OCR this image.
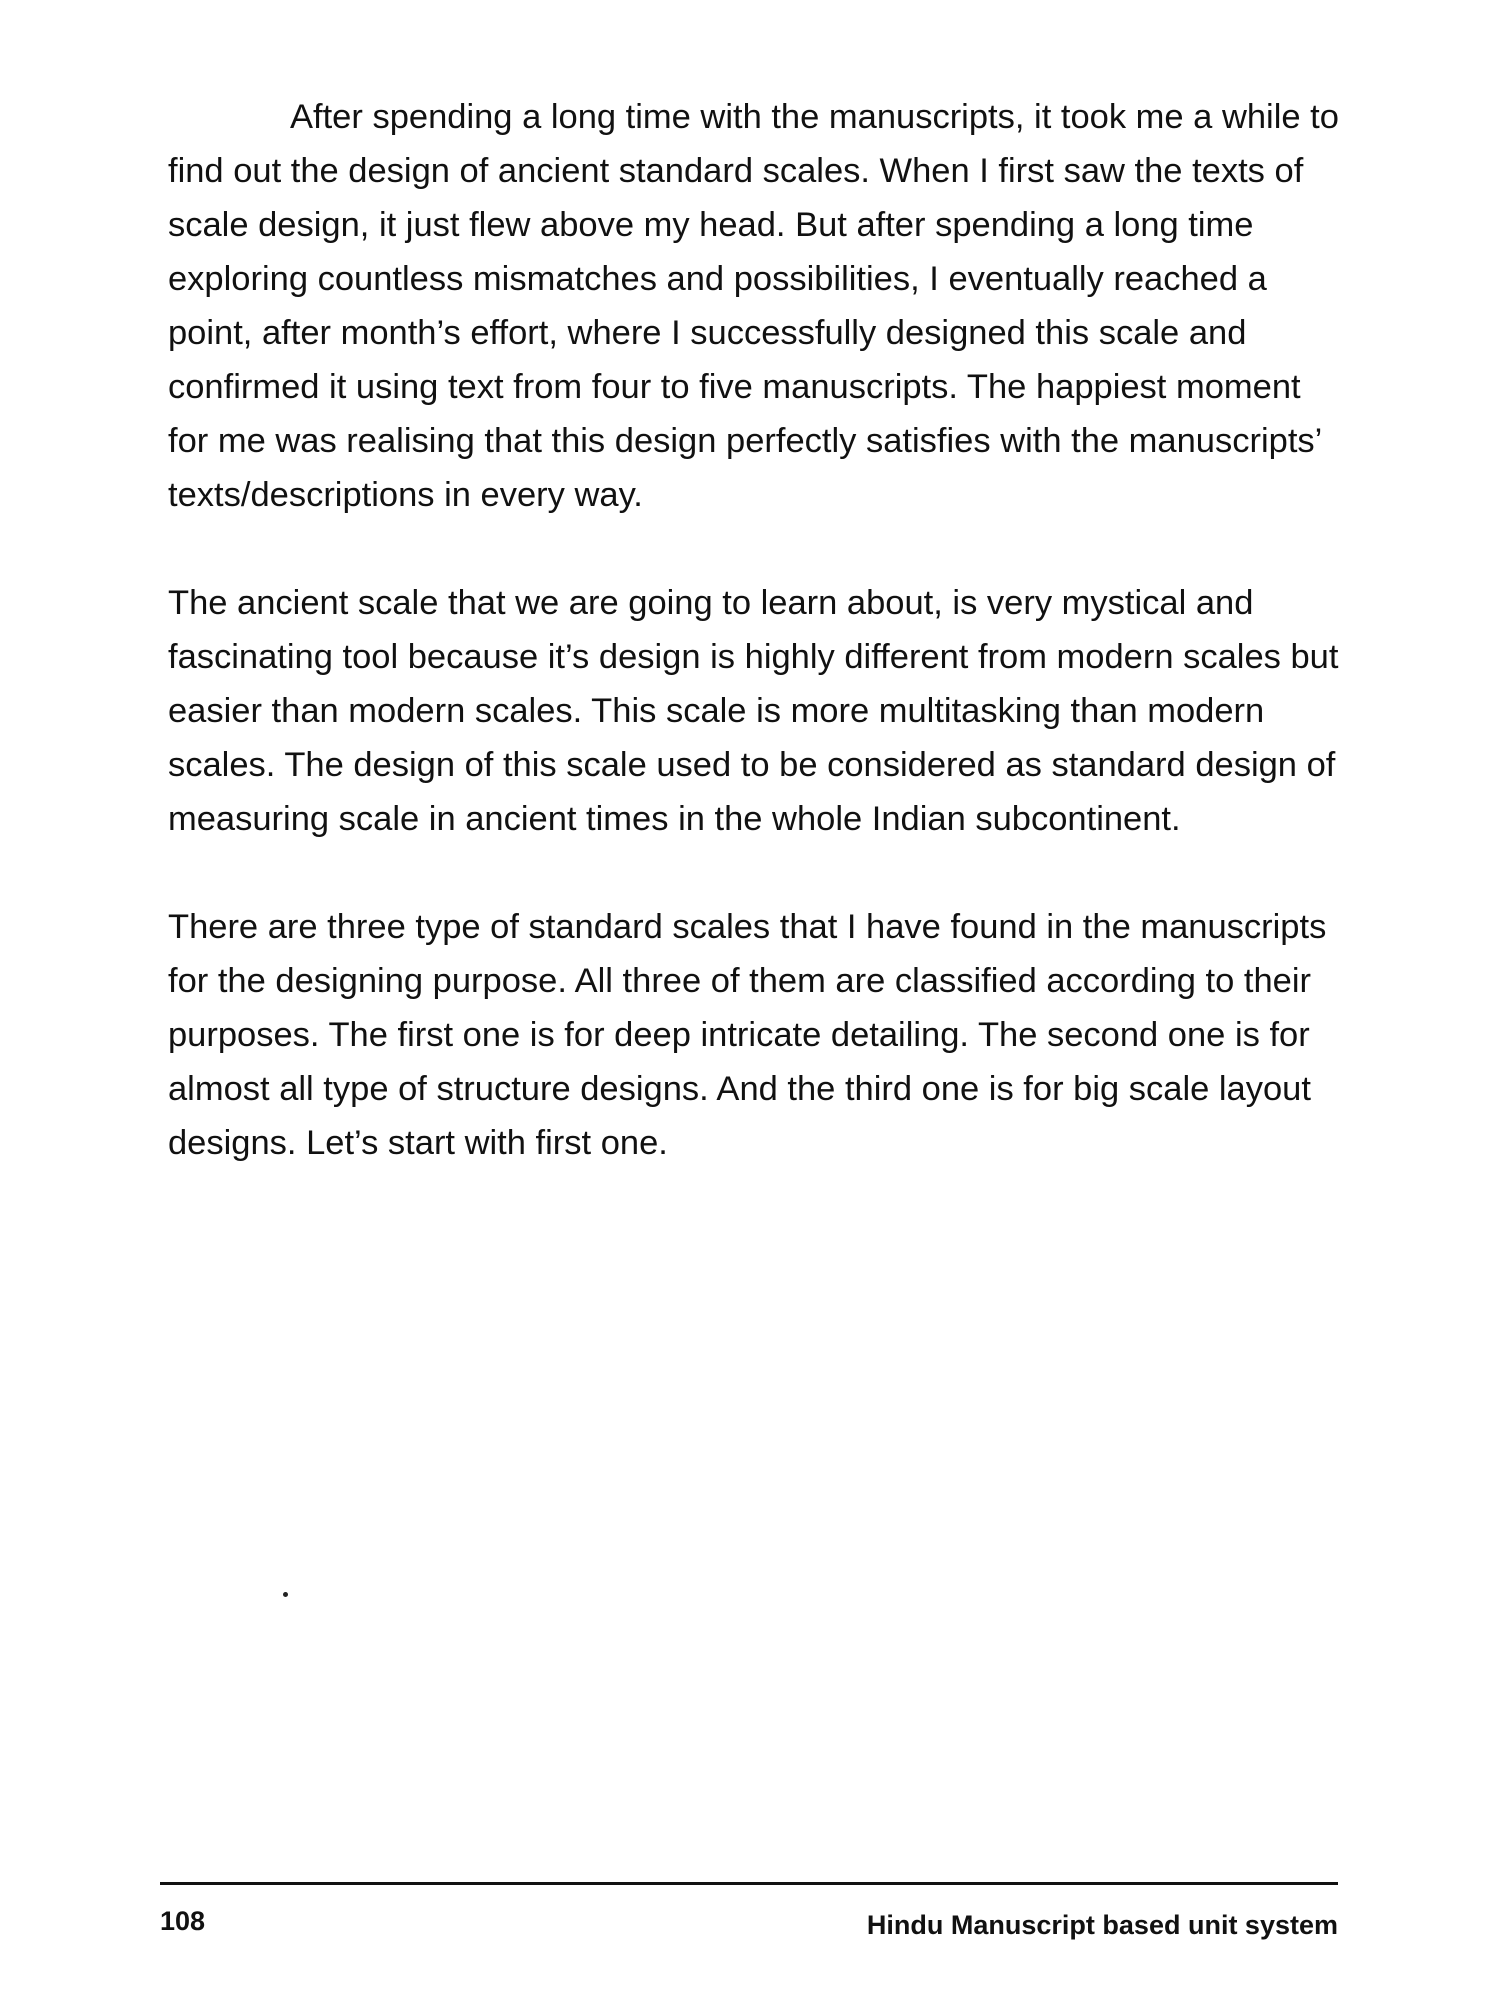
After spending a long time with the manuscripts, it took me a while to find out the design of ancient standard scales. When I first saw the texts of scale design, it just flew above my head. But after spending a long time exploring countless mismatches and possibilities, I eventually reached a point, after month’s effort, where I successfully designed this scale and confirmed it using text from four to five manuscripts. The happiest moment for me was realising that this design perfectly satisfies with the manuscripts’ texts/descriptions in every way.

The ancient scale that we are going to learn about, is very mystical and fascinating tool because it’s design is highly different from modern scales but easier than modern scales. This scale is more multitasking than modern scales. The design of this scale used to be considered as standard design of measuring scale in ancient times in the whole Indian subcontinent.

There are three type of standard scales that I have found in the manuscripts for the designing purpose. All three of them are classified according to their purposes. The first one is for deep intricate detailing. The second one is for almost all type of structure designs. And the third one is for big scale layout designs. Let’s start with first one.

108	Hindu Manuscript based unit system
